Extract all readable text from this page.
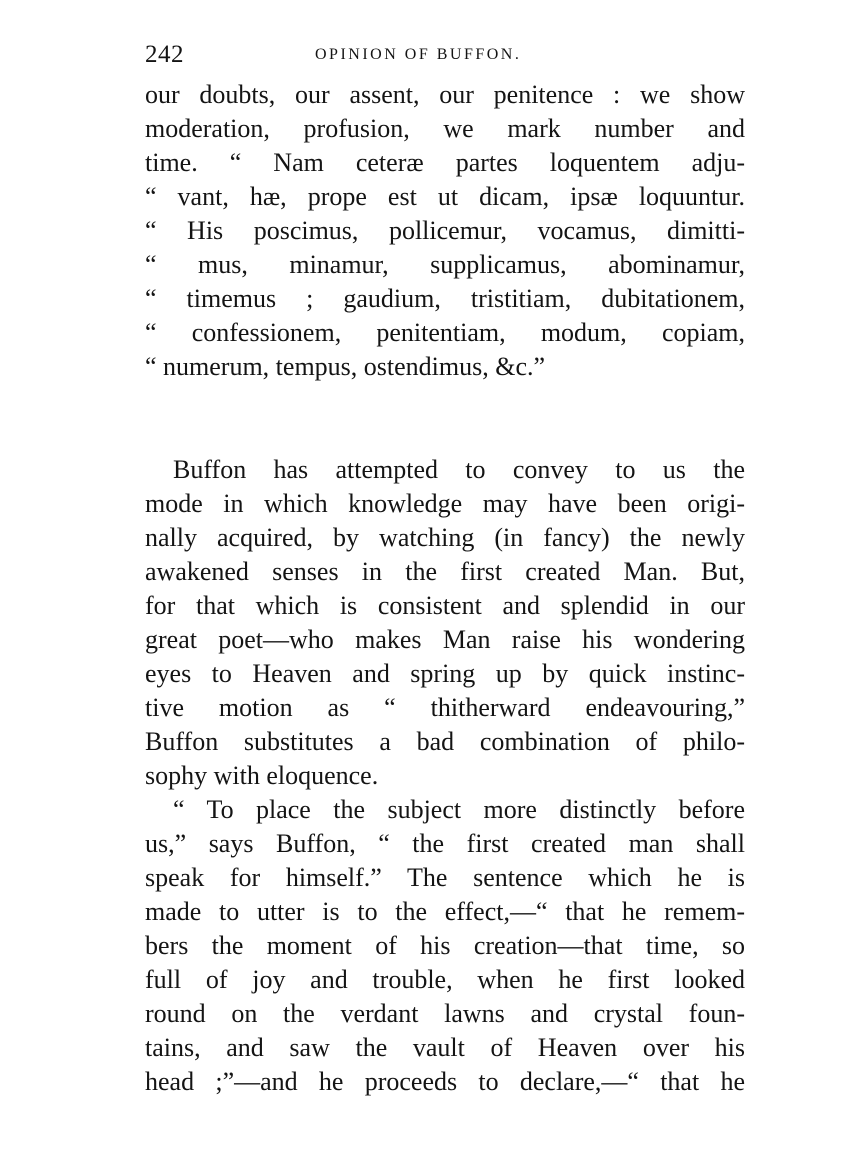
242	OPINION OF BUFFON.
our doubts, our assent, our penitence : we show
moderation, profusion, we mark number and
time. “ Nam ceteræ partes loquentem adju-
“ vant, hæ, prope est ut dicam, ipsæ loquuntur.
“ His poscimus, pollicemur, vocamus, dimitti-
“ mus, minamur, supplicamus, abominamur,
“ timemus ; gaudium, tristitiam, dubitationem,
“ confessionem, penitentiam, modum, copiam,
“ numerum, tempus, ostendimus, &c.”
Buffon has attempted to convey to us the
mode in which knowledge may have been origi-
nally acquired, by watching (in fancy) the newly
awakened senses in the first created Man. But,
for that which is consistent and splendid in our
great poet—who makes Man raise his wondering
eyes to Heaven and spring up by quick instinc-
tive motion as “ thitherward endeavouring,”
Buffon substitutes a bad combination of philo-
sophy with eloquence.
“ To place the subject more distinctly before
us,” says Buffon, “ the first created man shall
speak for himself.” The sentence which he is
made to utter is to the effect,—“ that he remem-
bers the moment of his creation—that time, so
full of joy and trouble, when he first looked
round on the verdant lawns and crystal foun-
tains, and saw the vault of Heaven over his
head ;”—and he proceeds to declare,—“ that he
